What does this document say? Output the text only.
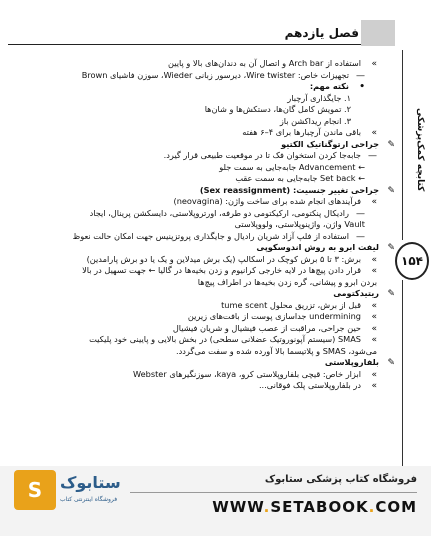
فصل یازدهم
کتابچه کمک‌پزشکی
۱۵۴
»استفاده از Arch bar و اتصال آن به دندان‌های بالا و پایین
—تجهیزات خاص: Wire twister، دیرسور زبانی Wieder، سوزن فاشیای Brown
•نکته مهم:
۱. جایگذاری آرچبار
۲. تمویش کامل گان‌ها، دستکش‌ها و شان‌ها
۳. انجام ریداکشن باز
»باقی ماندن آرچبارها برای ۴–۶ هفته
✎جراحی ارتوگناتیک الکتیو
—جابه‌جا کردن استخوان فک تا در موقعیت طبیعی قرار گیرد.
← Advancement جابه‌جایی به سمت جلو
← Set back جابه‌جایی به سمت عقب
✎جراحی تغییر جنسیت: (Sex reassignment)
»فرآیندهای انجام شده برای ساخت واژن: (neovagina)
—رادیکال پنکتومی، ارکیکتومی دو طرفه، اورتروپلاستی، دایسکشن پرینال، ایجاد
Vault واژن، واژینوپلاستی، ولووپلاستی
—استفاده از فلپ آزاد شریان رادیال و جایگذاری پروتزپنیس جهت امکان حالت نعوظ
✎لیفت ابرو به روش اندوسکوپی
»برش: ۳ تا ۵ برش کوچک در اسکالپ (یک برش میدلاین و یک یا دو برش پارامدین)
»قرار دادن پیچ‌ها در لایه خارجی کرانیوم و زدن بخیه‌ها در گالیا ← جهت تسهیل در بالا
بردن ابرو و پیشانی، گره زدن بخیه‌ها در اطراف پیچ‌ها
✎ریتیدکتومی
»قبل از برش، تزریق محلول tume scent
»undermining جداسازی پوست از بافت‌های زیرین
»حین جراحی، مراقبت از عصب فیشیال و شریان فیشیال
»SMAS (سیستم آپونوروتیک عضلانی سطحی) در بخش بالایی و پایینی خود پلیکیت
می‌شود، SMAS و پلاتیسما بالا آورده شده و سفت می‌گردد.
✎بلفاروپلاستی
»ابزار خاص: قیچی بلفاروپلاستی کرو، kaya، سوزنگیرهای Webster
»در بلفاروپلاستی پلک فوقانی...
S	ستابوک
فروشگاه اینترنتی کتاب
فروشگاه کتاب پزشکی ستابوک
WWW.SETABOOK.COM
